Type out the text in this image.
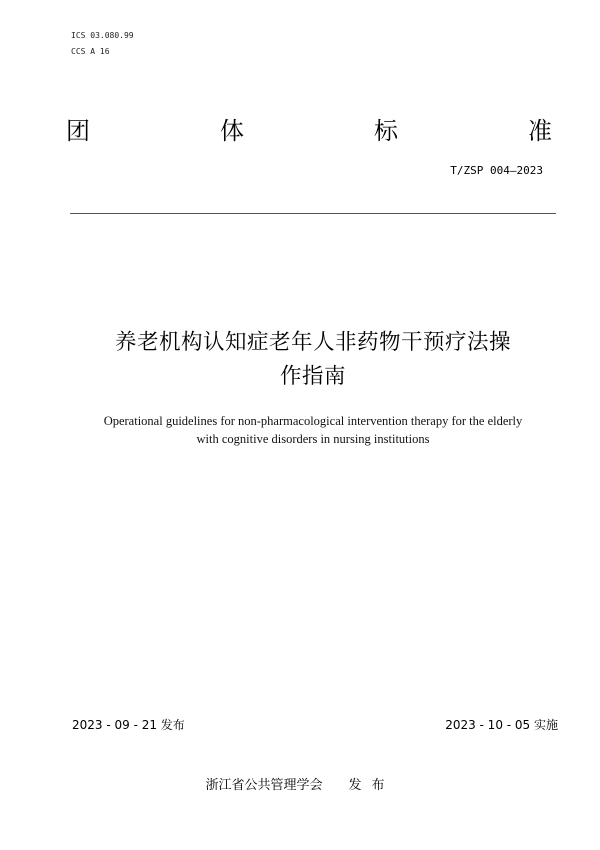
ICS 03.080.99
CCS A 16
团	体	标	准
T/ZSP 004—2023
养老机构认知症老年人非药物干预疗法操
作指南
Operational guidelines for non-pharmacological intervention therapy for the elderly
with cognitive disorders in nursing institutions
2023 - 09 - 21 发布	2023 - 10 - 05 实施
浙江省公共管理学会 发布
